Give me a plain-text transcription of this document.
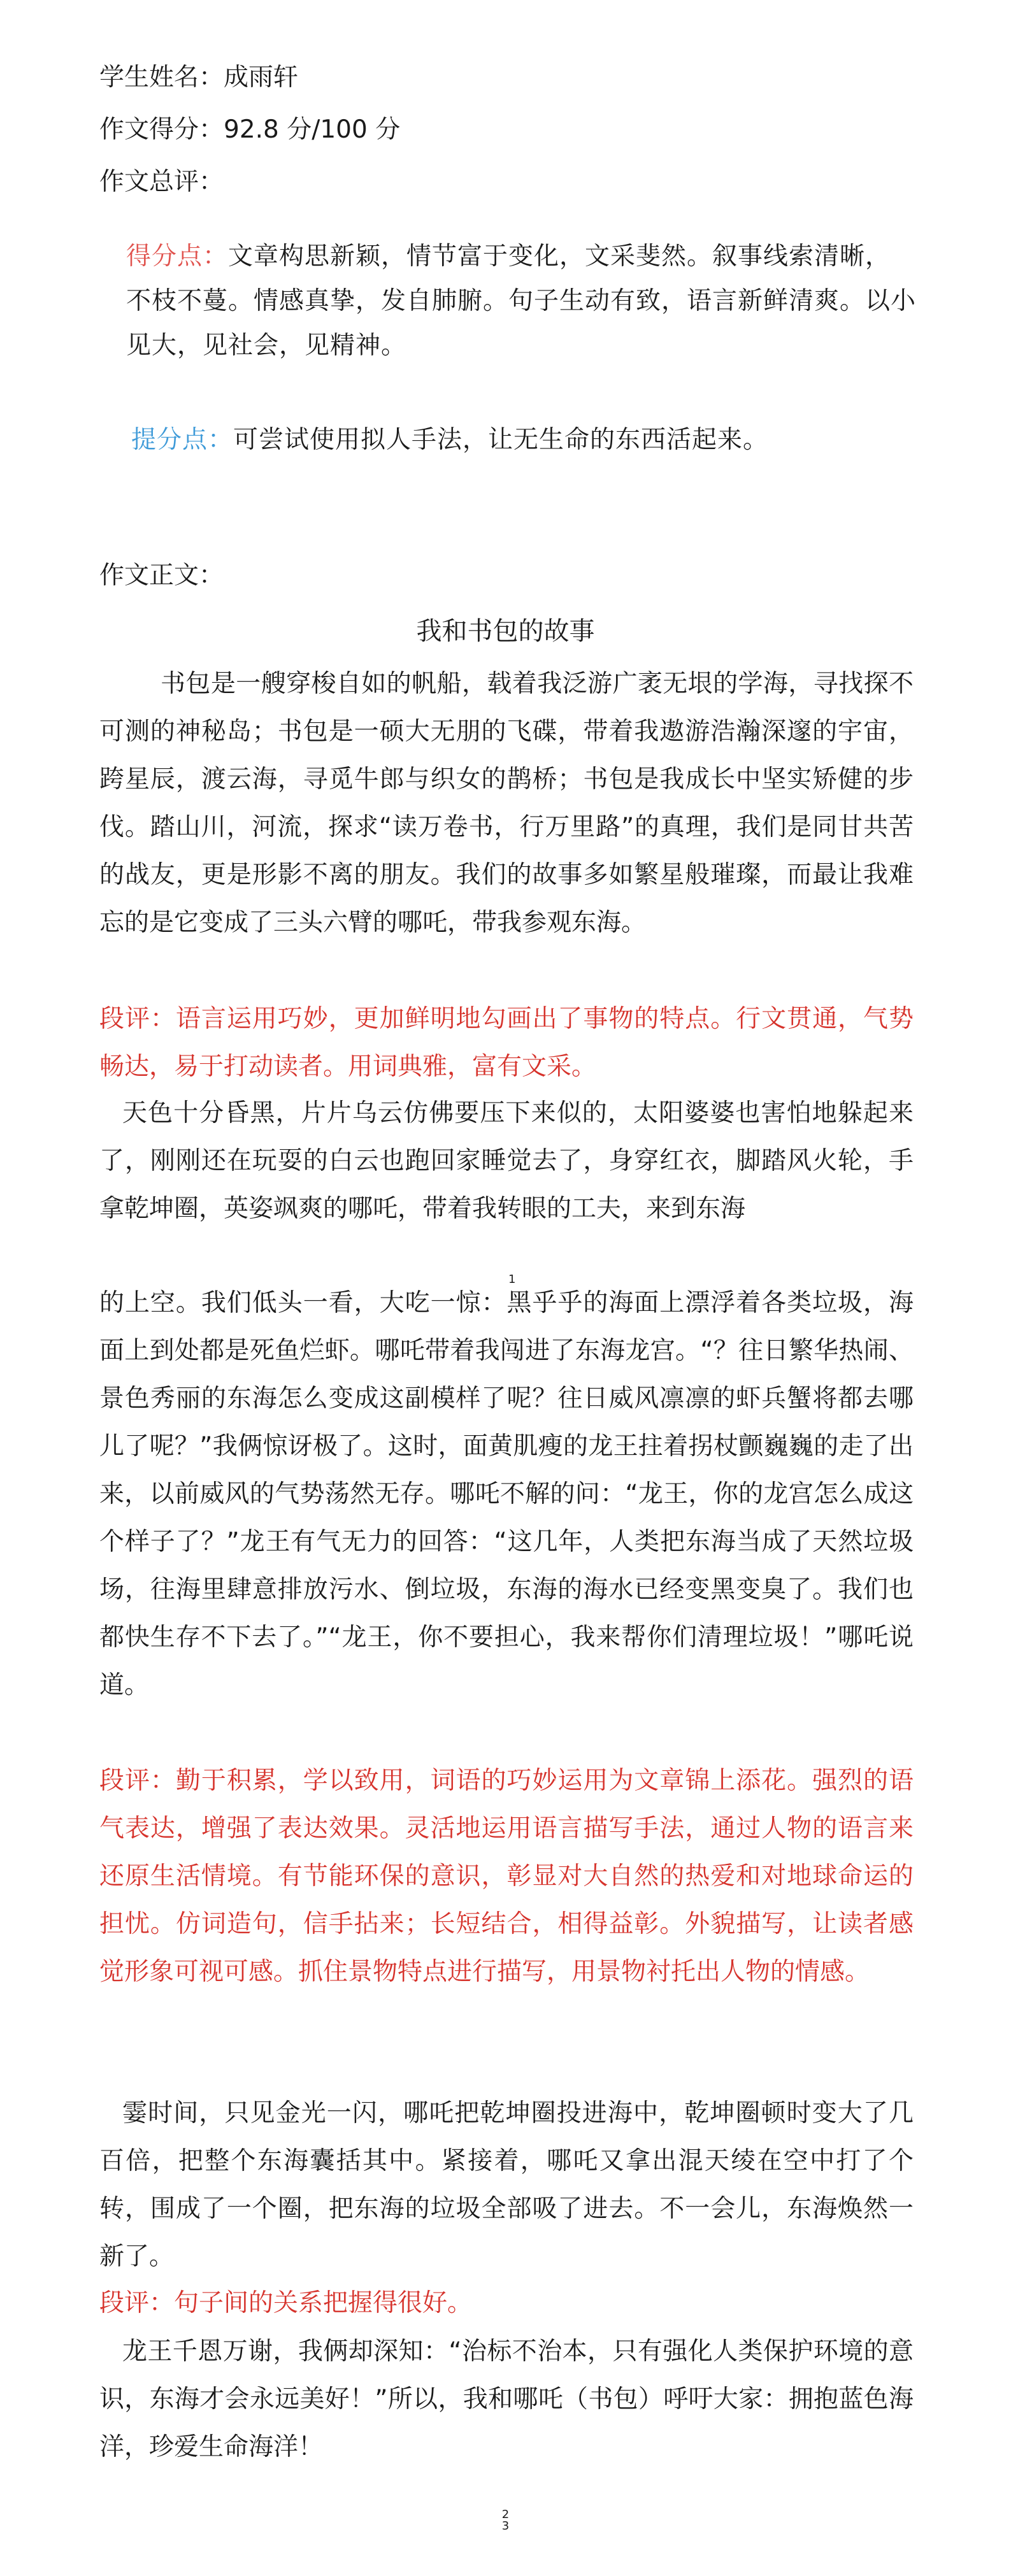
学生姓名：成雨轩
作文得分：92.8 分/100 分
作文总评：
得分点：文章构思新颖，情节富于变化，文采斐然。叙事线索清晰，不枝不蔓。情感真挚，发自肺腑。句子生动有致，语言新鲜清爽。以小见大，见社会，见精神。
提分点：可尝试使用拟人手法，让无生命的东西活起来。
作文正文：
我和书包的故事

书包是一艘穿梭自如的帆船，载着我泛游广袤无垠的学海，寻找探不可测的神秘岛；书包是一硕大无朋的飞碟，带着我遨游浩瀚深邃的宇宙，跨星辰，渡云海，寻觅牛郎与织女的鹊桥；书包是我成长中坚实矫健的步伐。踏山川，河流，探求“读万卷书，行万里路”的真理，我们是同甘共苦的战友，更是形影不离的朋友。我们的故事多如繁星般璀璨，而最让我难忘的是它变成了三头六臂的哪吒，带我参观东海。

段评：语言运用巧妙，更加鲜明地勾画出了事物的特点。行文贯通，气势畅达，易于打动读者。用词典雅，富有文采。

天色十分昏黑，片片乌云仿佛要压下来似的，太阳婆婆也害怕地躲起来了，刚刚还在玩耍的白云也跑回家睡觉去了，身穿红衣，脚踏风火轮，手拿乾坤圈，英姿飒爽的哪吒，带着我转眼的工夫，来到东海

1

的上空。我们低头一看，大吃一惊：黑乎乎的海面上漂浮着各类垃圾，海面上到处都是死鱼烂虾。哪吒带着我闯进了东海龙宫。“？往日繁华热闹、景色秀丽的东海怎么变成这副模样了呢？往日威风凛凛的虾兵蟹将都去哪儿了呢？”我俩惊讶极了。这时，面黄肌瘦的龙王拄着拐杖颤巍巍的走了出来，以前威风的气势荡然无存。哪吒不解的问：“龙王，你的龙宫怎么成这个样子了？”龙王有气无力的回答：“这几年，人类把东海当成了天然垃圾场，往海里肆意排放污水、倒垃圾，东海的海水已经变黑变臭了。我们也都快生存不下去了。”“龙王，你不要担心，我来帮你们清理垃圾！”哪吒说道。

段评：勤于积累，学以致用，词语的巧妙运用为文章锦上添花。强烈的语气表达，增强了表达效果。灵活地运用语言描写手法，通过人物的语言来还原生活情境。有节能环保的意识，彰显对大自然的热爱和对地球命运的担忧。仿词造句，信手拈来；长短结合，相得益彰。外貌描写，让读者感觉形象可视可感。抓住景物特点进行描写，用景物衬托出人物的情感。

霎时间，只见金光一闪，哪吒把乾坤圈投进海中，乾坤圈顿时变大了几百倍，把整个东海囊括其中。紧接着，哪吒又拿出混天绫在空中打了个转，围成了一个圈，把东海的垃圾全部吸了进去。不一会儿，东海焕然一新了。

段评：句子间的关系把握得很好。

龙王千恩万谢，我俩却深知：“治标不治本，只有强化人类保护环境的意识，东海才会永远美好！”所以，我和哪吒（书包）呼吁大家：拥抱蓝色海洋，珍爱生命海洋！

2
3
